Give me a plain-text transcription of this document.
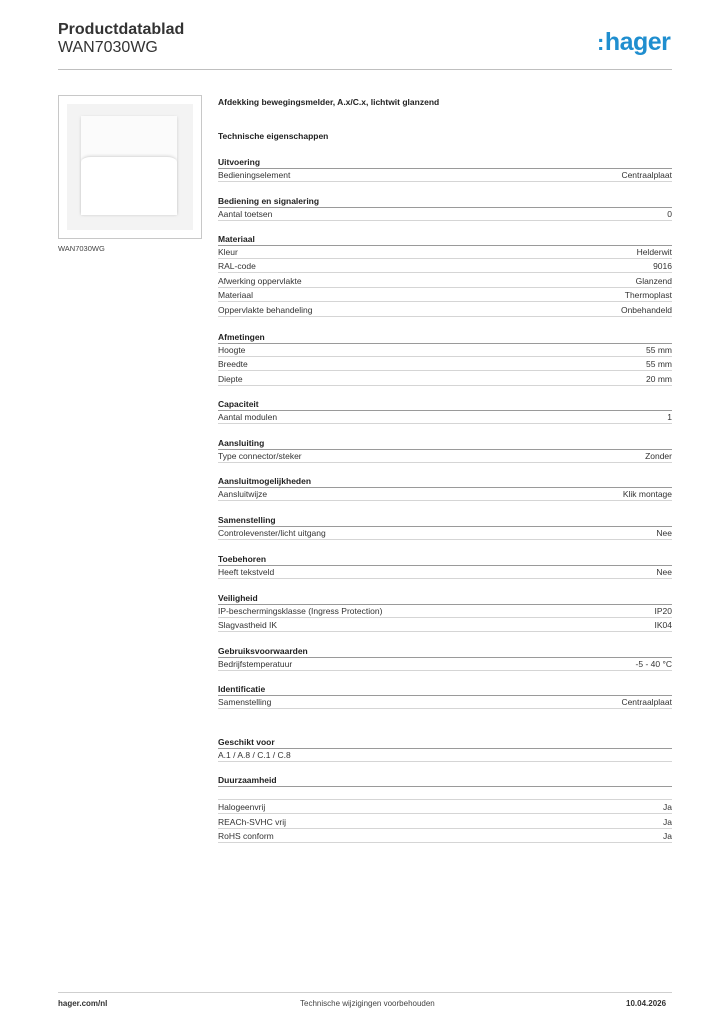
Productdatablad
WAN7030WG	:hager
WAN7030WG
Afdekking bewegingsmelder, A.x/C.x, lichtwit glanzend
Technische eigenschappen
Uitvoering
Bedieningselement	Centraalplaat
Bediening en signalering
Aantal toetsen	0
Materiaal
Kleur	Helderwit
RAL-code	9016
Afwerking oppervlakte	Glanzend
Materiaal	Thermoplast
Oppervlakte behandeling	Onbehandeld
Afmetingen
Hoogte	55 mm
Breedte	55 mm
Diepte	20 mm
Capaciteit
Aantal modulen	1
Aansluiting
Type connector/steker	Zonder
Aansluitmogelijkheden
Aansluitwijze	Klik montage
Samenstelling
Controlevenster/licht uitgang	Nee
Toebehoren
Heeft tekstveld	Nee
Veiligheid
IP-beschermingsklasse (Ingress Protection)	IP20
Slagvastheid IK	IK04
Gebruiksvoorwaarden
Bedrijfstemperatuur	-5 - 40 °C
Identificatie
Samenstelling	Centraalplaat
Geschikt voor
A.1 / A.8 / C.1 / C.8
Duurzaamheid
Halogeenvrij	Ja
REACh-SVHC vrij	Ja
RoHS conform	Ja
hager.com/nl	Technische wijzigingen voorbehouden	10.04.2026
